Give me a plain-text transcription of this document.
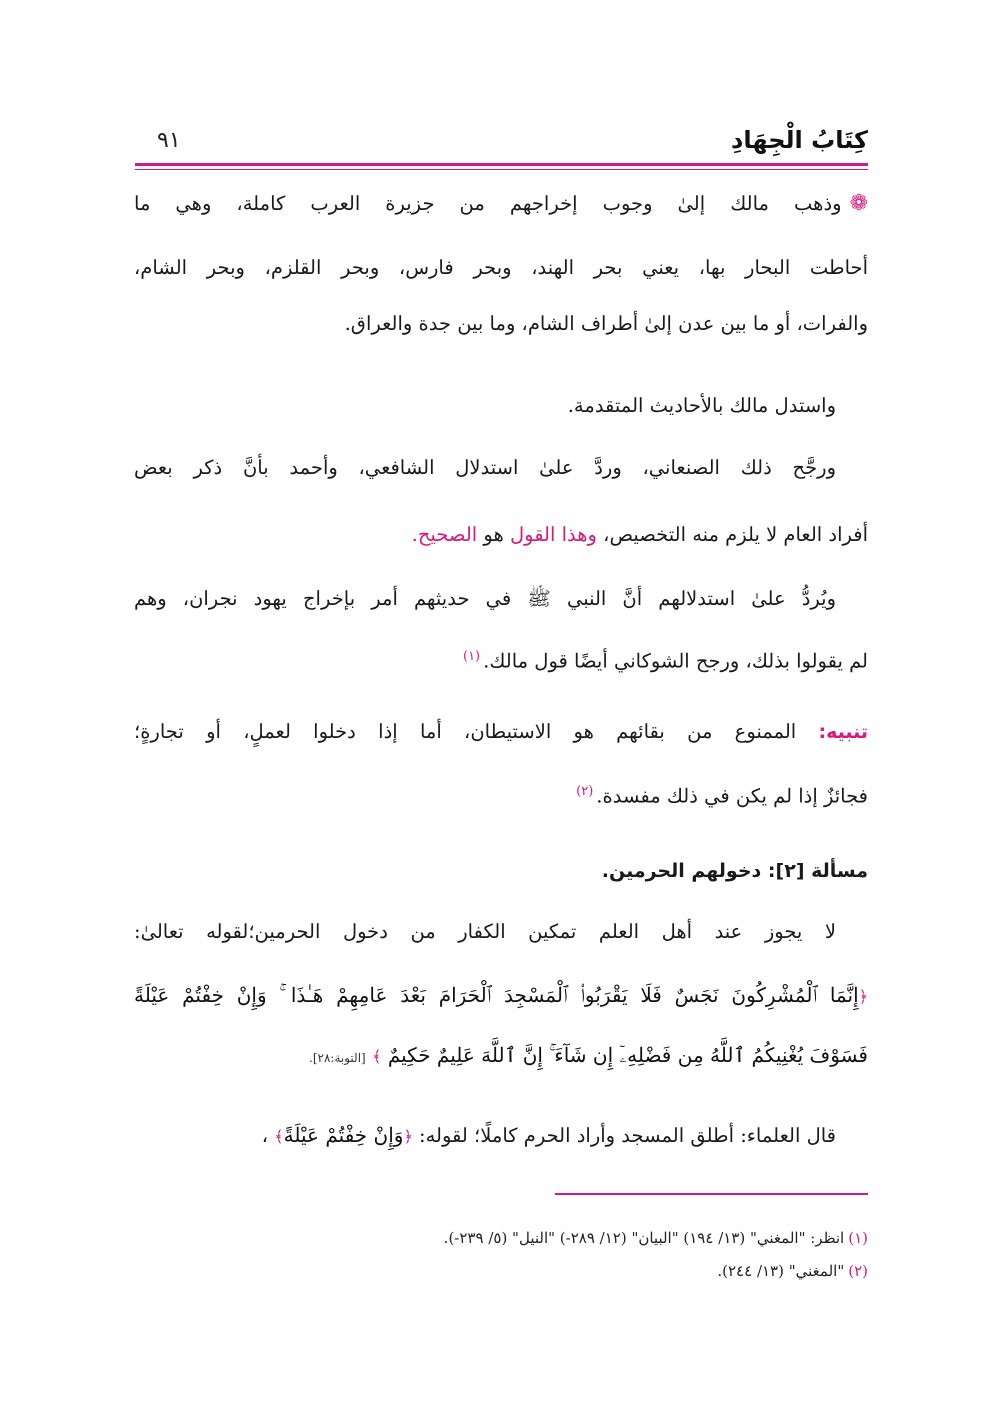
كِتَابُ الْجِهَادِ
٩١
❁وذهب مالك إلىٰ وجوب إخراجهم من جزيرة العرب كاملة، وهي ما
أحاطت البحار بها، يعني بحر الهند، وبحر فارس، وبحر القلزم، وبحر الشام،
والفرات، أو ما بين عدن إلىٰ أطراف الشام، وما بين جدة والعراق.
واستدل مالك بالأحاديث المتقدمة.
ورجَّح ذلك الصنعاني، وردَّ علىٰ استدلال الشافعي، وأحمد بأنَّ ذكر بعض
أفراد العام لا يلزم منه التخصيص، وهذا القول هو الصحيح.
ويُردُّ علىٰ استدلالهم أنَّ النبي ﷺ في حديثهم أمر بإخراج يهود نجران، وهم
لم يقولوا بذلك، ورجح الشوكاني أيضًا قول مالك.$^{(١)}$
تنبيه: الممنوع من بقائهم هو الاستيطان، أما إذا دخلوا لعملٍ، أو تجارةٍ؛
فجائزٌ إذا لم يكن في ذلك مفسدة.$^{(٢)}$
مسألة [٢]: دخولهم الحرمين.
لا يجوز عند أهل العلم تمكين الكفار من دخول الحرمين؛لقوله تعالىٰ:
﴿إِنَّمَا ٱلْمُشْرِكُونَ نَجَسٌ فَلَا يَقْرَبُوا۟ ٱلْمَسْجِدَ ٱلْحَرَامَ بَعْدَ عَامِهِمْ هَـٰذَا ۚ وَإِنْ خِفْتُمْ عَيْلَةً
فَسَوْفَ يُغْنِيكُمُ ٱللَّهُ مِن فَضْلِهِۦٓ إِن شَآءَ ۚ إِنَّ ٱللَّهَ عَلِيمٌ حَكِيمٌ ﴾ [التوبة:٢٨].
قال العلماء: أطلق المسجد وأراد الحرم كاملًا؛ لقوله: ﴿وَإِنْ خِفْتُمْ عَيْلَةً﴾ ،
(١)انظر: "المغني" (١٣/ ١٩٤) "البيان" (١٢/ ٢٨٩-) "النيل" (٥/ ٢٣٩-).
(٢)"المغني" (١٣/ ٢٤٤).
